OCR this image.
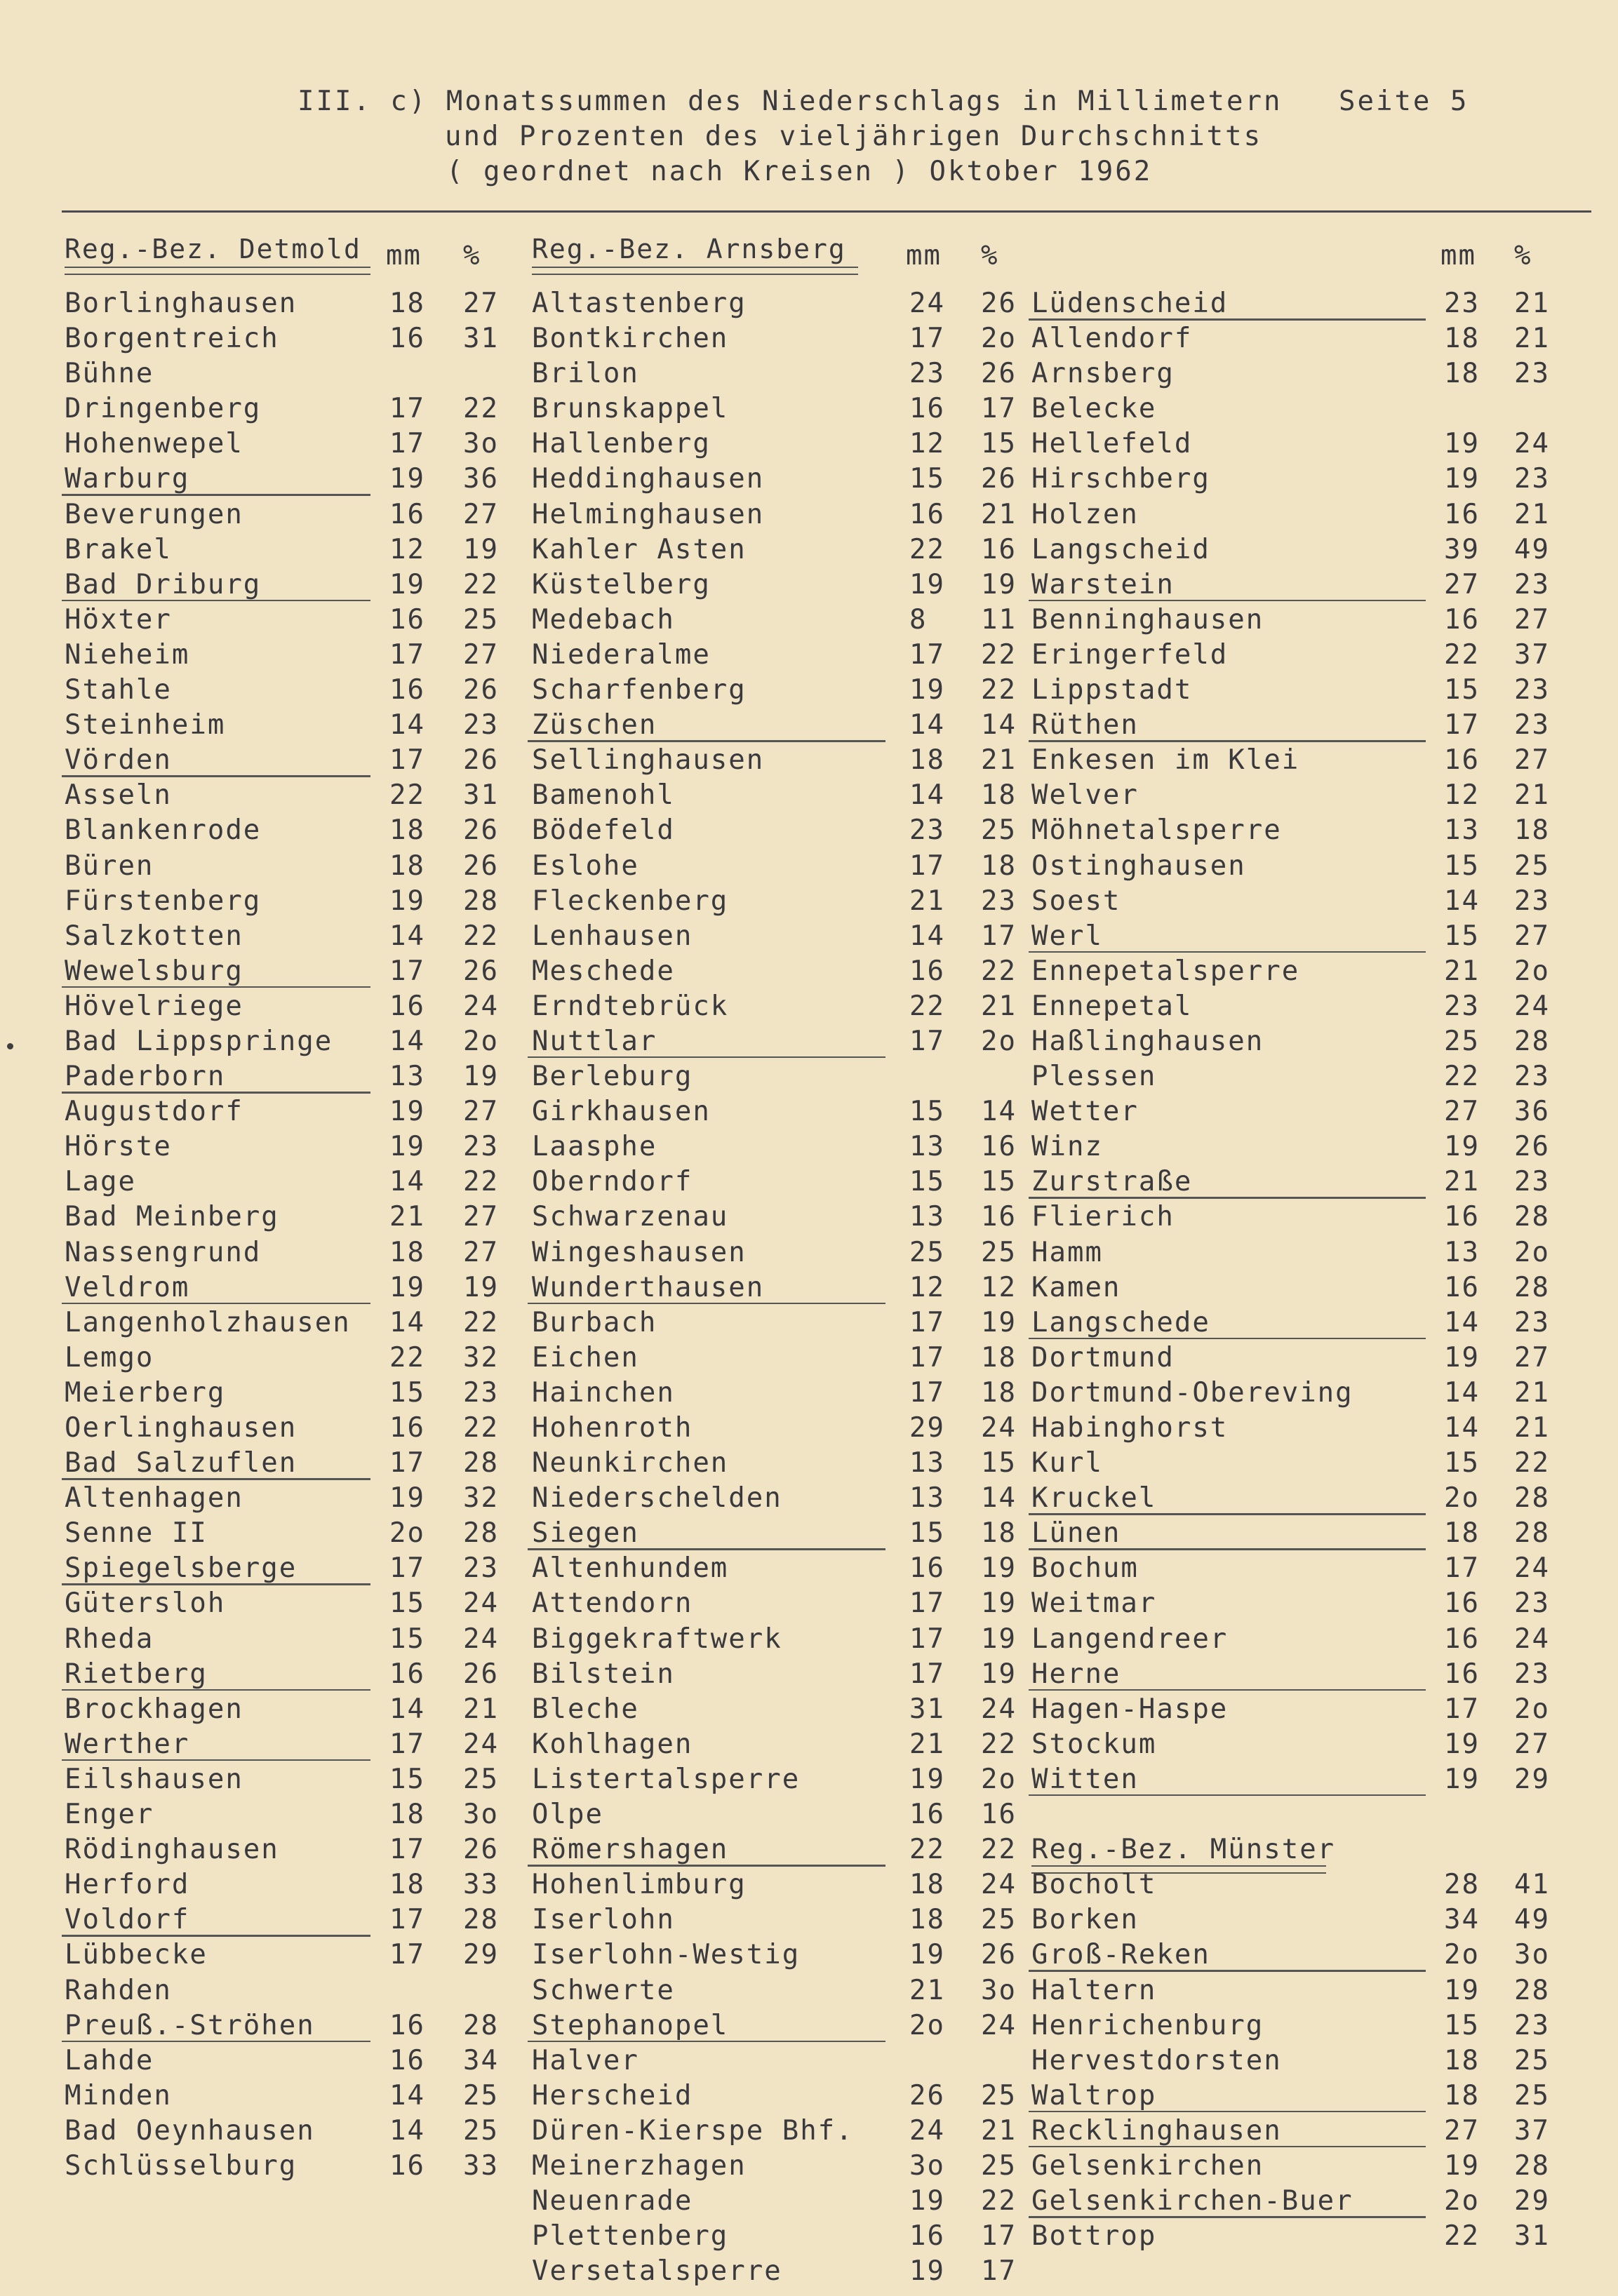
III. c) Monatssummen des Niederschlags in Millimetern
und Prozenten des vieljährigen Durchschnitts
( geordnet nach Kreisen ) Oktober 1962
Seite 5
Reg.-Bez. Detmold mm %
Borlinghausen	18 27
Borgentreich	16 31
Bühne
Dringenberg	17 22
Hohenwepel	17 3o
Warburg	19 36
Beverungen	16 27
Brakel	12 19
Bad Driburg	19 22
Höxter	16 25
Nieheim	17 27
Stahle	16 26
Steinheim	14 23
Vörden	17 26
Asseln	22 31
Blankenrode	18 26
Büren	18 26
Fürstenberg	19 28
Salzkotten	14 22
Wewelsburg	17 26
Hövelriege	16 24
Bad Lippspringe 14 2o
Paderborn	13 19
Augustdorf	19 27
Hörste	19 23
Lage	14 22
Bad Meinberg	21 27
Nassengrund	18 27
Veldrom	19 19
Langenholzhausen 14 22
Lemgo	22 32
Meierberg	15 23
Oerlinghausen	16 22
Bad Salzuflen	17 28
Altenhagen	19 32
Senne II	2o 28
Spiegelsberge	17 23
Gütersloh	15 24
Rheda	15 24
Rietberg	16 26
Brockhagen	14 21
Werther	17 24
Eilshausen	15 25
Enger	18 3o
Rödinghausen	17 26
Herford	18 33
Voldorf	17 28
Lübbecke	17 29
Rahden
Preuß.-Ströhen	16 28
Lahde	16 34
Minden	14 25
Bad Oeynhausen	14 25
Schlüsselburg	16 33
Reg.-Bez. Arnsberg mm %
Altastenberg	24 26
Bontkirchen	17 2o
Brilon	23 26
Brunskappel	16 17
Hallenberg	12 15
Heddinghausen	15 26
Helminghausen	16 21
Kahler Asten	22 16
Küstelberg	19 19
Medebach	8 11
Niederalme	17 22
Scharfenberg	19 22
Züschen	14 14
Sellinghausen	18 21
Bamenohl	14 18
Bödefeld	23 25
Eslohe	17 18
Fleckenberg	21 23
Lenhausen	14 17
Meschede	16 22
Erndtebrück	22 21
Nuttlar	17 2o
Berleburg
Girkhausen	15 14
Laasphe	13 16
Oberndorf	15 15
Schwarzenau	13 16
Wingeshausen	25 25
Wunderthausen	12 12
Burbach	17 19
Eichen	17 18
Hainchen	17 18
Hohenroth	29 24
Neunkirchen	13 15
Niederschelden	13 14
Siegen	15 18
Altenhundem	16 19
Attendorn	17 19
Biggekraftwerk	17 19
Bilstein	17 19
Bleche	31 24
Kohlhagen	21 22
Listertalsperre	19 2o
Olpe	16 16
Römershagen	22 22
Hohenlimburg	18 24
Iserlohn	18 25
Iserlohn-Westig	19 26
Schwerte	21 3o
Stephanopel	2o 24
Halver
Herscheid	26 25
Düren-Kierspe Bhf. 24 21
Meinerzhagen	3o 25
Neuenrade	19 22
Plettenberg	16 17
Versetalsperre	19 17
mm %
Lüdenscheid	23 21
Allendorf	18 21
Arnsberg	18 23
Belecke
Hellefeld	19 24
Hirschberg	19 23
Holzen	16 21
Langscheid	39 49
Warstein	27 23
Benninghausen	16 27
Eringerfeld	22 37
Lippstadt	15 23
Rüthen	17 23
Enkesen im Klei	16 27
Welver	12 21
Möhnetalsperre	13 18
Ostinghausen	15 25
Soest	14 23
Werl	15 27
Ennepetalsperre	21 2o
Ennepetal	23 24
Haßlinghausen	25 28
Plessen	22 23
Wetter	27 36
Winz	19 26
Zurstraße	21 23
Flierich	16 28
Hamm	13 2o
Kamen	16 28
Langschede	14 23
Dortmund	19 27
Dortmund-Obereving	14 21
Habinghorst	14 21
Kurl	15 22
Kruckel	2o 28
Lünen	18 28
Bochum	17 24
Weitmar	16 23
Langendreer	16 24
Herne	16 23
Hagen-Haspe	17 2o
Stockum	19 27
Witten	19 29
Reg.-Bez. Münster
Bocholt	28 41
Borken	34 49
Groß-Reken	2o 3o
Haltern	19 28
Henrichenburg	15 23
Hervestdorsten	18 25
Waltrop	18 25
Recklinghausen	27 37
Gelsenkirchen	19 28
Gelsenkirchen-Buer	2o 29
Bottrop	22 31
